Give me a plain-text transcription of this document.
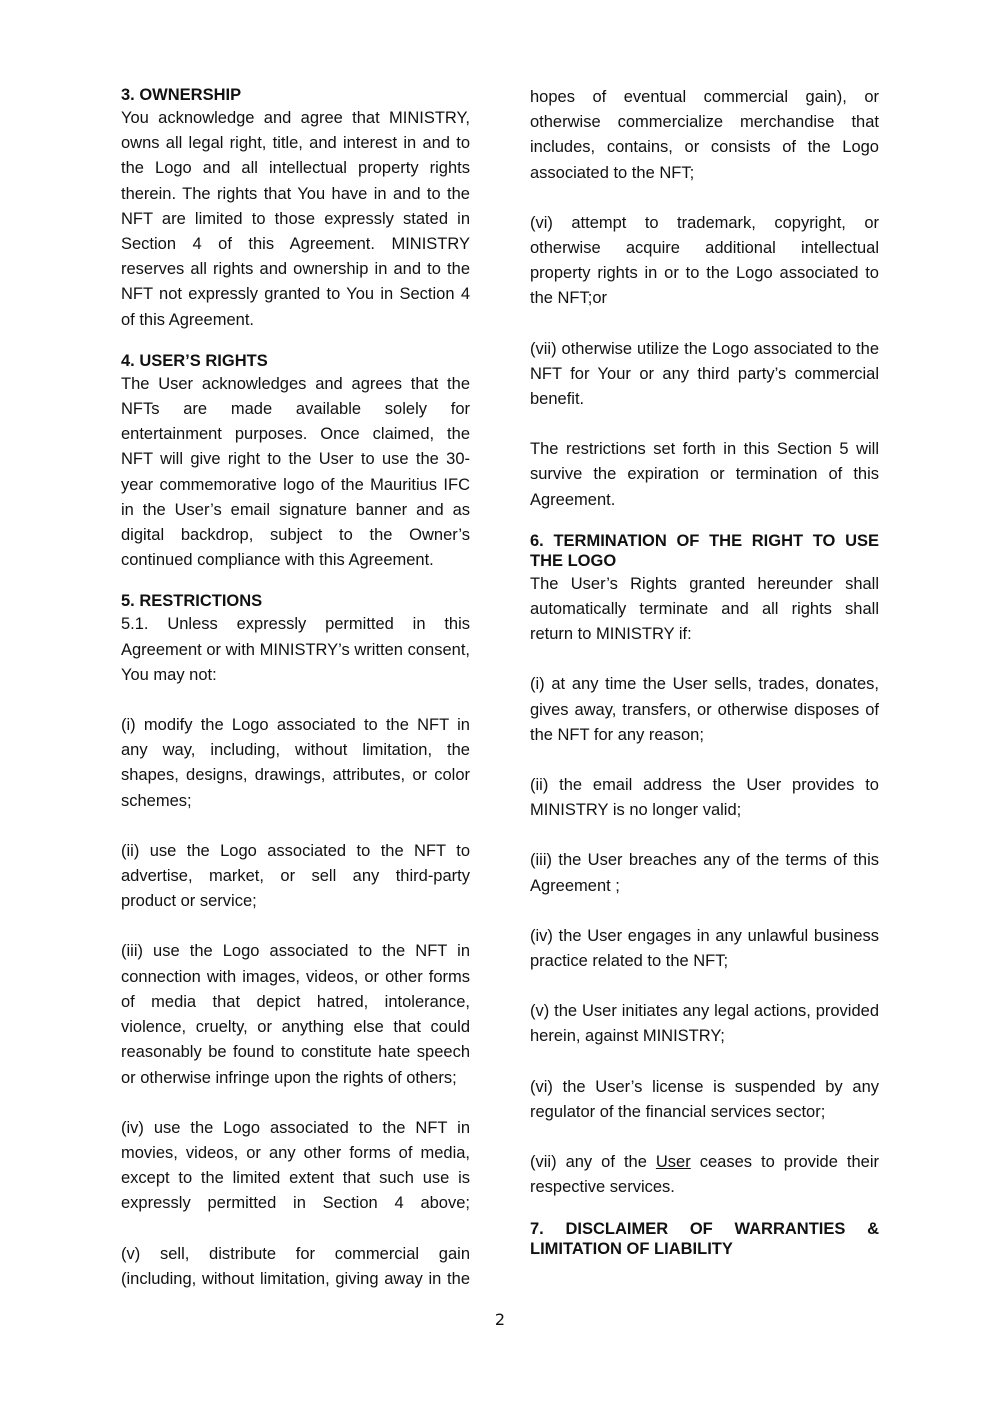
3. OWNERSHIP

You acknowledge and agree that MINISTRY, owns all legal right, title, and interest in and to the Logo and all intellectual property rights therein. The rights that You have in and to the NFT are limited to those expressly stated in Section 4 of this Agreement. MINISTRY reserves all rights and ownership in and to the NFT not expressly granted to You in Section 4 of this Agreement.

4. USER’S RIGHTS

The User acknowledges and agrees that the NFTs are made available solely for entertainment purposes. Once claimed, the NFT will give right to the User to use the 30-year commemorative logo of the Mauritius IFC in the User’s email signature banner and as digital backdrop, subject to the Owner’s continued compliance with this Agreement.

5. RESTRICTIONS

5.1. Unless expressly permitted in this Agreement or with MINISTRY’s written consent, You may not:

(i) modify the Logo associated to the NFT in any way, including, without limitation, the shapes, designs, drawings, attributes, or color schemes;

(ii) use the Logo associated to the NFT to advertise, market, or sell any third-party product or service;

(iii) use the Logo associated to the NFT in connection with images, videos, or other forms of media that depict hatred, intolerance, violence, cruelty, or anything else that could reasonably be found to constitute hate speech or otherwise infringe upon the rights of others;

(iv) use the Logo associated to the NFT in movies, videos, or any other forms of media, except to the limited extent that such use is expressly permitted in Section 4 above;

(v) sell, distribute for commercial gain (including, without limitation, giving away in the

hopes of eventual commercial gain), or otherwise commercialize merchandise that includes, contains, or consists of the Logo associated to the NFT;

(vi) attempt to trademark, copyright, or otherwise acquire additional intellectual property rights in or to the Logo associated to the NFT;or

(vii) otherwise utilize the Logo associated to the NFT for Your or any third party’s commercial benefit.

The restrictions set forth in this Section 5 will survive the expiration or termination of this Agreement.

6. TERMINATION OF THE RIGHT TO USE THE LOGO

The User’s Rights granted hereunder shall automatically terminate and all rights shall return to MINISTRY if:

(i) at any time the User sells, trades, donates, gives away, transfers, or otherwise disposes of the NFT for any reason;

(ii) the email address the User provides to MINISTRY is no longer valid;

(iii) the User breaches any of the terms of this Agreement ;

(iv) the User engages in any unlawful business practice related to the NFT;

(v) the User initiates any legal actions, provided herein, against MINISTRY;

(vi) the User’s license is suspended by any regulator of the financial services sector;

(vii) any of the User ceases to provide their respective services.

7. DISCLAIMER OF WARRANTIES & LIMITATION OF LIABILITY

2
